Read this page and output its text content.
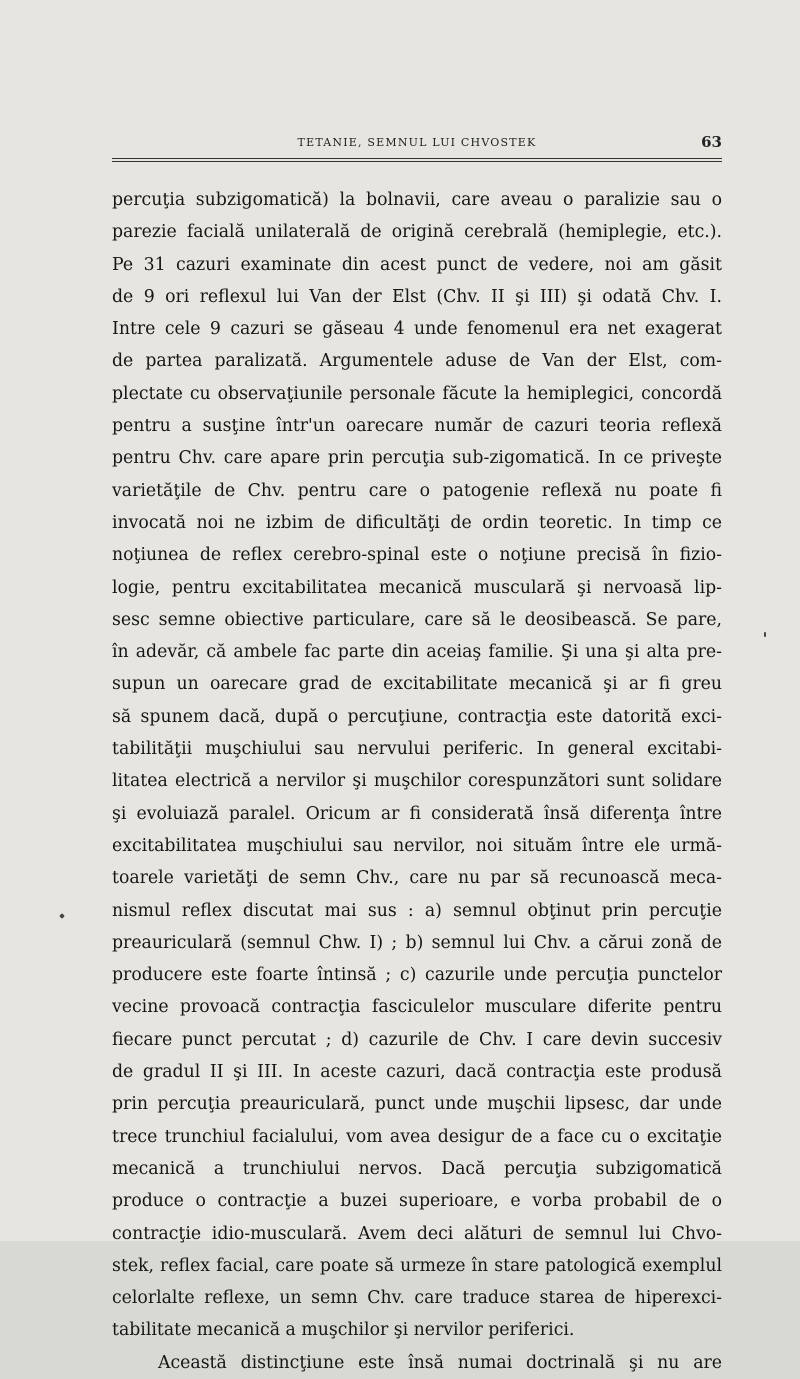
TETANIE, SEMNUL LUI CHVOSTEK	63
percuţia subzigomatică) la bolnavii, care aveau o paralizie sau o
parezie facială unilaterală de origină cerebrală (hemiplegie, etc.).
Pe 31 cazuri examinate din acest punct de vedere, noi am găsit
de 9 ori reflexul lui Van der Elst (Chv. II şi III) şi odată Chv. I.
Intre cele 9 cazuri se găseau 4 unde fenomenul era net exagerat
de partea paralizată. Argumentele aduse de Van der Elst, com-
plectate cu observaţiunile personale făcute la hemiplegici, concordă
pentru a susţine într'un oarecare număr de cazuri teoria reflexă
pentru Chv. care apare prin percuţia sub-zigomatică. In ce priveşte
varietăţile de Chv. pentru care o patogenie reflexă nu poate fi
invocată noi ne izbim de dificultăţi de ordin teoretic. In timp ce
noţiunea de reflex cerebro-spinal este o noţiune precisă în fizio-
logie, pentru excitabilitatea mecanică musculară şi nervoasă lip-
sesc semne obiective particulare, care să le deosibească. Se pare,
în adevăr, că ambele fac parte din aceiaş familie. Şi una şi alta pre-
supun un oarecare grad de excitabilitate mecanică şi ar fi greu
să spunem dacă, după o percuţiune, contracţia este datorită exci-
tabilităţii muşchiului sau nervului periferic. In general excitabi-
litatea electrică a nervilor şi muşchilor corespunzători sunt solidare
şi evoluiază paralel. Oricum ar fi considerată însă diferenţa între
excitabilitatea muşchiului sau nervilor, noi situăm între ele urmă-
toarele varietăţi de semn Chv., care nu par să recunoască meca-
nismul reflex discutat mai sus : a) semnul obţinut prin percuţie
preauriculară (semnul Chw. I) ; b) semnul lui Chv. a cărui zonă de
producere este foarte întinsă ; c) cazurile unde percuţia punctelor
vecine provoacă contracţia fasciculelor musculare diferite pentru
fiecare punct percutat ; d) cazurile de Chv. I care devin succesiv
de gradul II şi III. In aceste cazuri, dacă contracţia este produsă
prin percuţia preauriculară, punct unde muşchii lipsesc, dar unde
trece trunchiul facialului, vom avea desigur de a face cu o excitaţie
mecanică a trunchiului nervos. Dacă percuţia subzigomatică
produce o contracţie a buzei superioare, e vorba probabil de o
contracţie idio-musculară. Avem deci alături de semnul lui Chvo-
stek, reflex facial, care poate să urmeze în stare patologică exemplul
celorlalte reflexe, un semn Chv. care traduce starea de hiperexci-
tabilitate mecanică a muşchilor şi nervilor periferici.
Această distincţiune este însă numai doctrinală şi nu are
